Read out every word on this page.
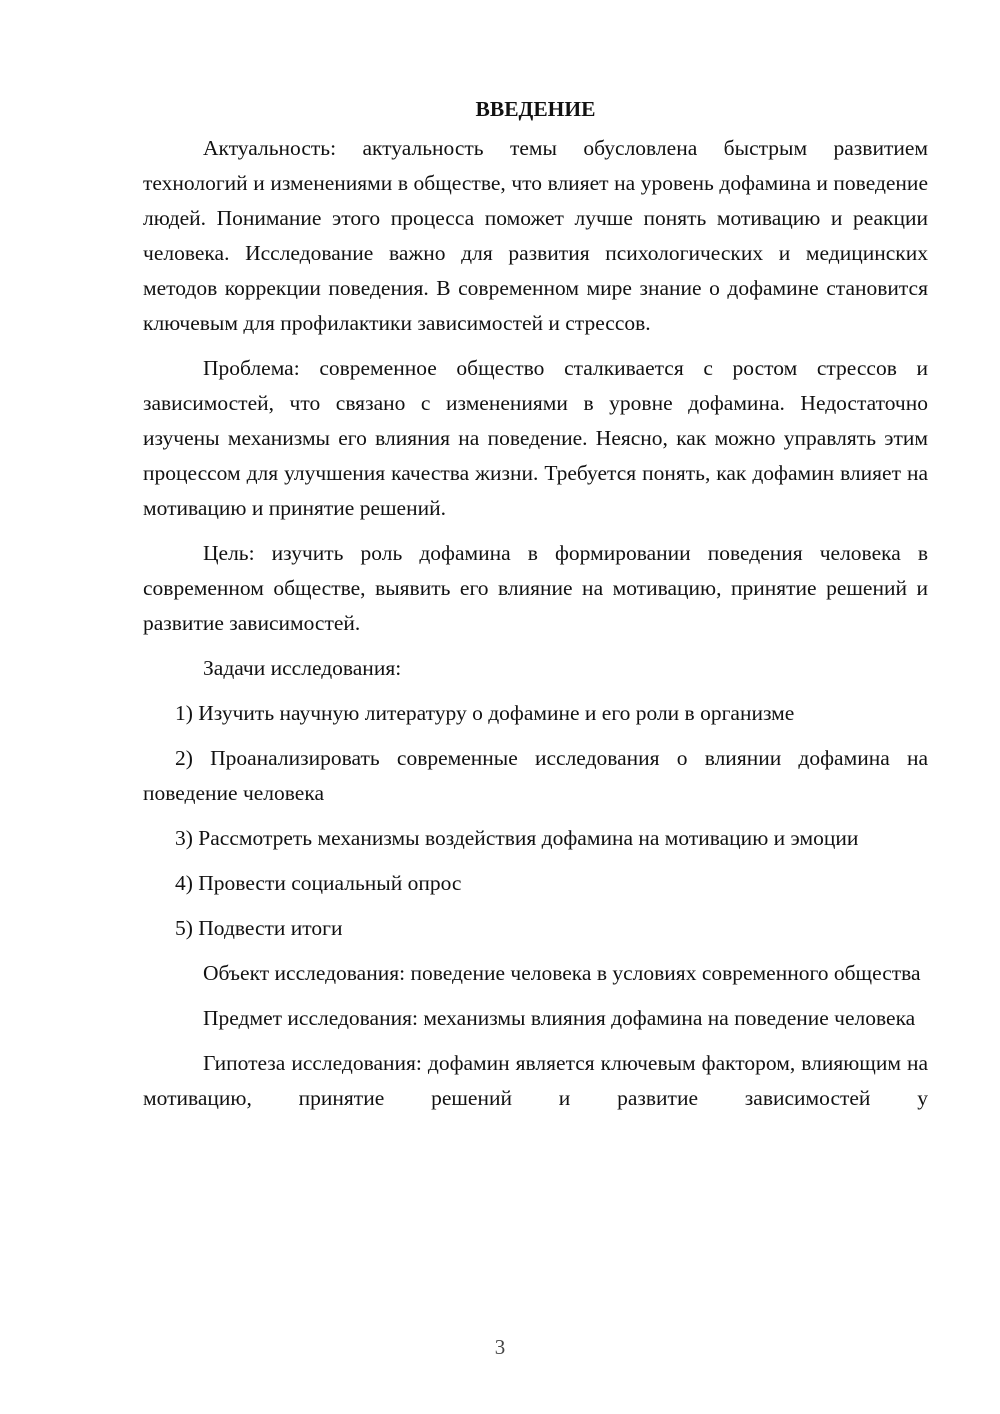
ВВЕДЕНИЕ

Актуальность: актуальность темы обусловлена быстрым развитием технологий и изменениями в обществе, что влияет на уровень дофамина и поведение людей. Понимание этого процесса поможет лучше понять мотивацию и реакции человека. Исследование важно для развития психологических и медицинских методов коррекции поведения. В современном мире знание о дофамине становится ключевым для профилактики зависимостей и стрессов.

Проблема: современное общество сталкивается с ростом стрессов и зависимостей, что связано с изменениями в уровне дофамина. Недостаточно изучены механизмы его влияния на поведение. Неясно, как можно управлять этим процессом для улучшения качества жизни. Требуется понять, как дофамин влияет на мотивацию и принятие решений.

Цель: изучить роль дофамина в формировании поведения человека в современном обществе, выявить его влияние на мотивацию, принятие решений и развитие зависимостей.

Задачи исследования:

1) Изучить научную литературу о дофамине и его роли в организме

2) Проанализировать современные исследования о влиянии дофамина на поведение человека

3) Рассмотреть механизмы воздействия дофамина на мотивацию и эмоции

4) Провести социальный опрос

5) Подвести итоги

Объект исследования: поведение человека в условиях современного общества

Предмет исследования: механизмы влияния дофамина на поведение человека

Гипотеза исследования: дофамин является ключевым фактором, влияющим на мотивацию, принятие решений и развитие зависимостей у

3
